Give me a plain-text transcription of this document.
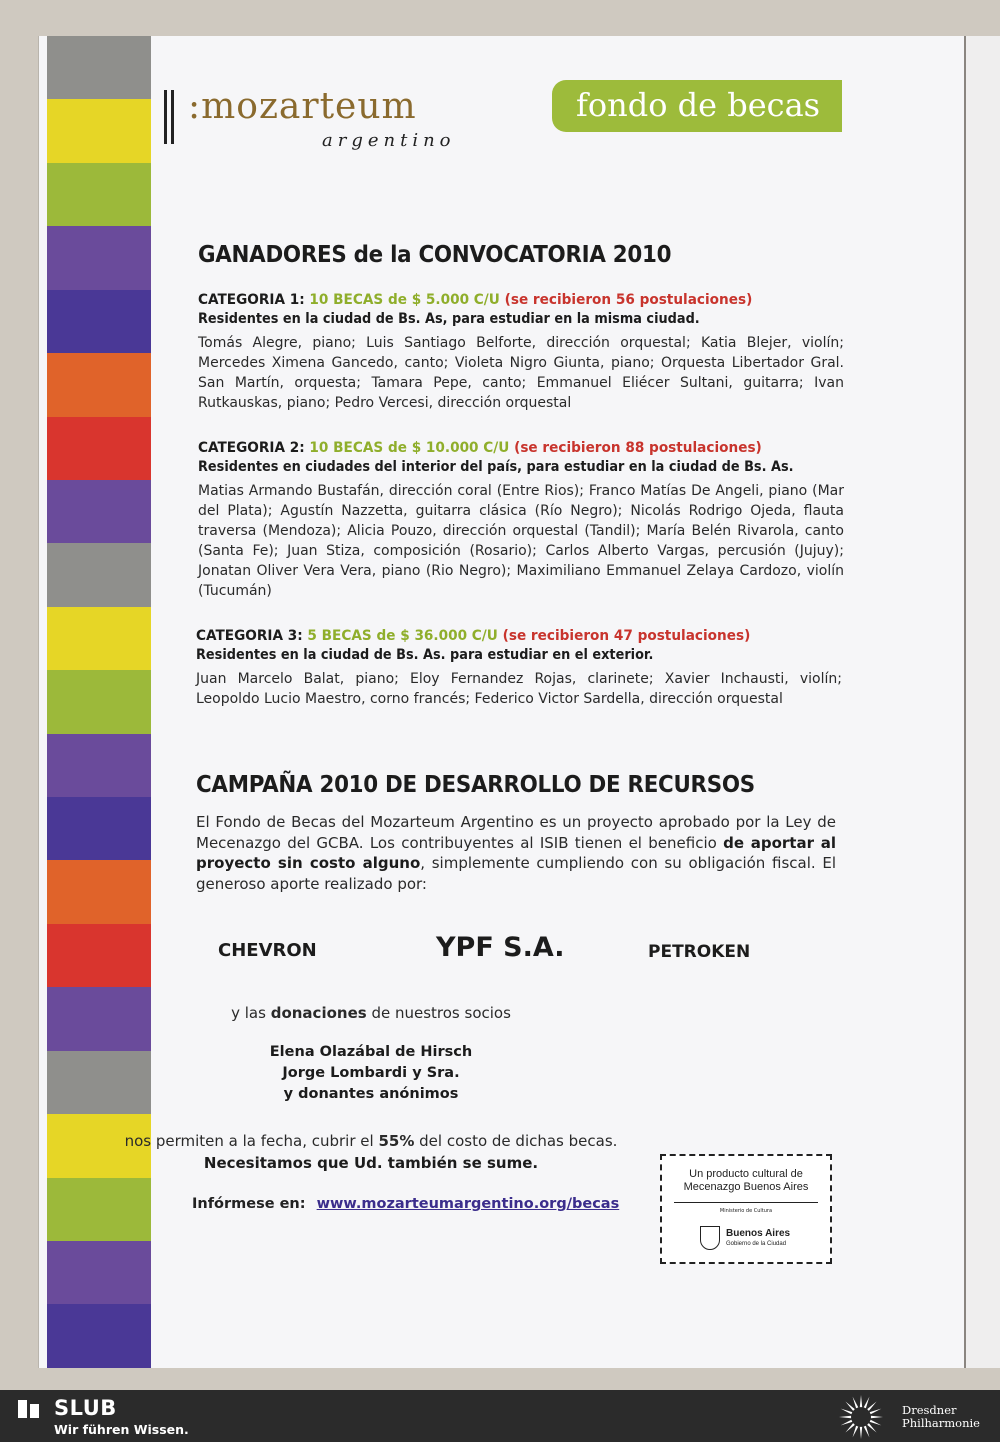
:mozarteum
argentino
fondo de becas
GANADORES de la CONVOCATORIA 2010
CATEGORIA 1: 10 BECAS de $ 5.000 C/U (se recibieron 56 postulaciones)
Residentes en la ciudad de Bs. As, para estudiar en la misma ciudad.
Tomás Alegre, piano; Luis Santiago Belforte, dirección orquestal; Katia Blejer, violín; Mercedes Ximena Gancedo, canto; Violeta Nigro Giunta, piano; Orquesta Libertador Gral. San Martín, orquesta; Tamara Pepe, canto; Emmanuel Eliécer Sultani, guitarra; Ivan Rutkauskas, piano; Pedro Vercesi, dirección orquestal
CATEGORIA 2: 10 BECAS de $ 10.000 C/U (se recibieron 88 postulaciones)
Residentes en ciudades del interior del país, para estudiar en la ciudad de Bs. As.
Matias Armando Bustafán, dirección coral (Entre Rios); Franco Matías De Angeli, piano (Mar del Plata); Agustín Nazzetta, guitarra clásica (Río Negro); Nicolás Rodrigo Ojeda, flauta traversa (Mendoza); Alicia Pouzo, dirección orquestal (Tandil); María Belén Rivarola, canto (Santa Fe); Juan Stiza, composición (Rosario); Carlos Alberto Vargas, percusión (Jujuy); Jonatan Oliver Vera Vera, piano (Rio Negro); Maximiliano Emmanuel Zelaya Cardozo, violín (Tucumán)
CATEGORIA 3: 5 BECAS de $ 36.000 C/U (se recibieron 47 postulaciones)
Residentes en la ciudad de Bs. As. para estudiar en el exterior.
Juan Marcelo Balat, piano; Eloy Fernandez Rojas, clarinete; Xavier Inchausti, violín; Leopoldo Lucio Maestro, corno francés; Federico Victor Sardella, dirección orquestal
CAMPAÑA 2010 DE DESARROLLO DE RECURSOS
El Fondo de Becas del Mozarteum Argentino es un proyecto aprobado por la Ley de Mecenazgo del GCBA. Los contribuyentes al ISIB tienen el beneficio de aportar al proyecto sin costo alguno, simplemente cumpliendo con su obligación fiscal. El generoso aporte realizado por:
CHEVRON	YPF S.A.	PETROKEN
y las donaciones de nuestros socios
Elena Olazábal de Hirsch
Jorge Lombardi y Sra.
y donantes anónimos
nos permiten a la fecha, cubrir el 55% del costo de dichas becas.
Necesitamos que Ud. también se sume.
Infórmese en: www.mozarteumargentino.org/becas
Un producto cultural de
Mecenazgo Buenos Aires
Ministerio de Cultura
Buenos Aires
Gobierno de la Ciudad
SLUB
Wir führen Wissen.
Dresdner
Philharmonie
